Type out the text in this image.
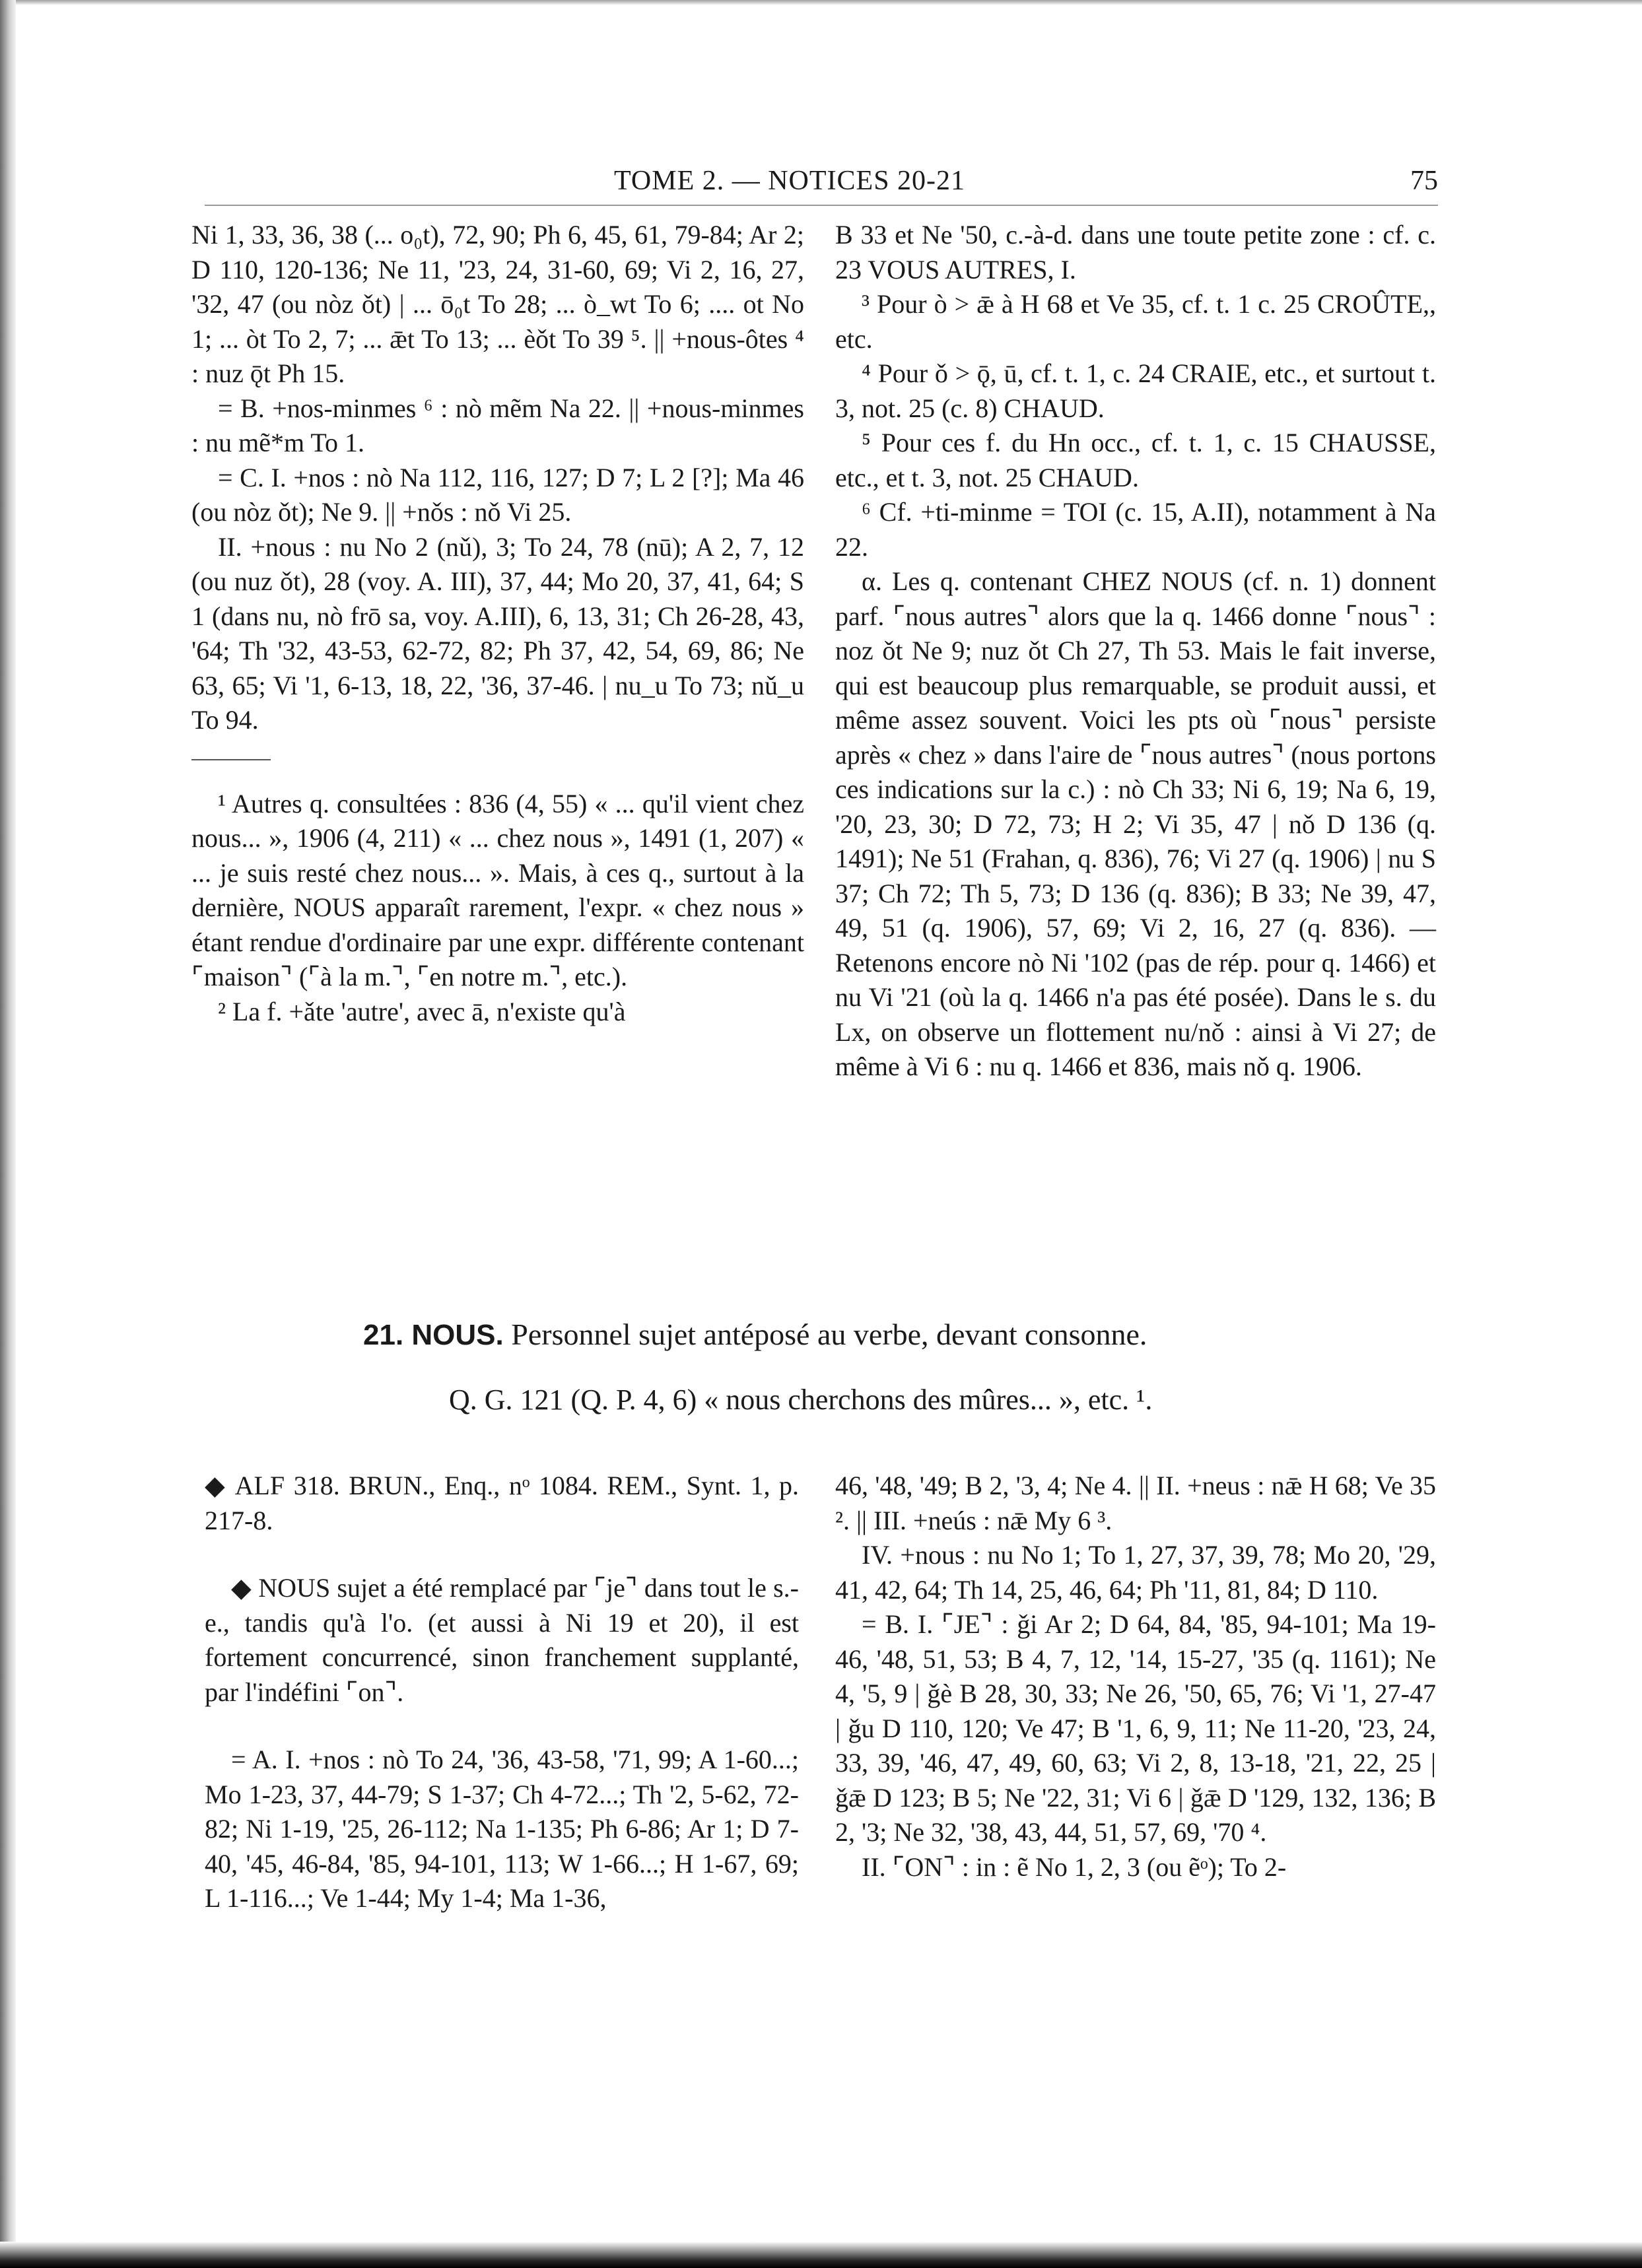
TOME 2. — NOTICES 20-21	75

Ni 1, 33, 36, 38 (... o₀t), 72, 90; Ph 6, 45, 61, 79-84; Ar 2; D 110, 120-136; Ne 11, '23, 24, 31-60, 69; Vi 2, 16, 27, '32, 47 (ou nòz ǒt) | ... ō₀t To 28; ... ò_wt To 6; .... ot No 1; ... òt To 2, 7; ... ǣt To 13; ... èǒt To 39 ⁵. || +nous-ôtes ⁴ : nuz ǭt Ph 15.

= B. +nos-minmes ⁶ : nò mẽm Na 22. || +nous-minmes : nu mẽ*m To 1.

= C. I. +nos : nò Na 112, 116, 127; D 7; L 2 [?]; Ma 46 (ou nòz ǒt); Ne 9. || +nǒs : nǒ Vi 25.

II. +nous : nu No 2 (nǔ), 3; To 24, 78 (nū); A 2, 7, 12 (ou nuz ǒt), 28 (voy. A. III), 37, 44; Mo 20, 37, 41, 64; S 1 (dans nu, nò frō sa, voy. A.III), 6, 13, 31; Ch 26-28, 43, '64; Th '32, 43-53, 62-72, 82; Ph 37, 42, 54, 69, 86; Ne 63, 65; Vi '1, 6-13, 18, 22, '36, 37-46. | nu_u To 73; nǔ_u To 94.

¹ Autres q. consultées : 836 (4, 55) « ... qu'il vient chez nous... », 1906 (4, 211) « ... chez nous », 1491 (1, 207) « ... je suis resté chez nous... ». Mais, à ces q., surtout à la dernière, NOUS apparaît rarement, l'expr. « chez nous » étant rendue d'ordinaire par une expr. différente contenant ⌜maison⌝ (⌜à la m.⌝, ⌜en notre m.⌝, etc.).

² La f. +ǎte 'autre', avec ā, n'existe qu'à

B 33 et Ne '50, c.-à-d. dans une toute petite zone : cf. c. 23 VOUS AUTRES, I.

³ Pour ò > ǣ à H 68 et Ve 35, cf. t. 1 c. 25 CROÛTE,, etc.

⁴ Pour ǒ > ǭ, ū, cf. t. 1, c. 24 CRAIE, etc., et surtout t. 3, not. 25 (c. 8) CHAUD.

⁵ Pour ces f. du Hn occ., cf. t. 1, c. 15 CHAUSSE, etc., et t. 3, not. 25 CHAUD.

⁶ Cf. +ti-minme = TOI (c. 15, A.II), notamment à Na 22.

α. Les q. contenant CHEZ NOUS (cf. n. 1) donnent parf. ⌜nous autres⌝ alors que la q. 1466 donne ⌜nous⌝ : noz ǒt Ne 9; nuz ǒt Ch 27, Th 53. Mais le fait inverse, qui est beaucoup plus remarquable, se produit aussi, et même assez souvent. Voici les pts où ⌜nous⌝ persiste après « chez » dans l'aire de ⌜nous autres⌝ (nous portons ces indications sur la c.) : nò Ch 33; Ni 6, 19; Na 6, 19, '20, 23, 30; D 72, 73; H 2; Vi 35, 47 | nǒ D 136 (q. 1491); Ne 51 (Frahan, q. 836), 76; Vi 27 (q. 1906) | nu S 37; Ch 72; Th 5, 73; D 136 (q. 836); B 33; Ne 39, 47, 49, 51 (q. 1906), 57, 69; Vi 2, 16, 27 (q. 836). — Retenons encore nò Ni '102 (pas de rép. pour q. 1466) et nu Vi '21 (où la q. 1466 n'a pas été posée). Dans le s. du Lx, on observe un flottement nu/nǒ : ainsi à Vi 27; de même à Vi 6 : nu q. 1466 et 836, mais nǒ q. 1906.

21. NOUS. Personnel sujet antéposé au verbe, devant consonne.
Q. G. 121 (Q. P. 4, 6) « nous cherchons des mûres... », etc. ¹.

◆ ALF 318. BRUN., Enq., nᵒ 1084. REM., Synt. 1, p. 217-8.

◆ NOUS sujet a été remplacé par ⌜je⌝ dans tout le s.-e., tandis qu'à l'o. (et aussi à Ni 19 et 20), il est fortement concurrencé, sinon franchement supplanté, par l'indéfini ⌜on⌝.

= A. I. +nos : nò To 24, '36, 43-58, '71, 99; A 1-60...; Mo 1-23, 37, 44-79; S 1-37; Ch 4-72...; Th '2, 5-62, 72-82; Ni 1-19, '25, 26-112; Na 1-135; Ph 6-86; Ar 1; D 7-40, '45, 46-84, '85, 94-101, 113; W 1-66...; H 1-67, 69; L 1-116...; Ve 1-44; My 1-4; Ma 1-36,

46, '48, '49; B 2, '3, 4; Ne 4. || II. +neus : nǣ H 68; Ve 35 ². || III. +neús : nǣ My 6 ³.

IV. +nous : nu No 1; To 1, 27, 37, 39, 78; Mo 20, '29, 41, 42, 64; Th 14, 25, 46, 64; Ph '11, 81, 84; D 110.

= B. I. ⌜JE⌝ : ǧi Ar 2; D 64, 84, '85, 94-101; Ma 19-46, '48, 51, 53; B 4, 7, 12, '14, 15-27, '35 (q. 1161); Ne 4, '5, 9 | ǧè B 28, 30, 33; Ne 26, '50, 65, 76; Vi '1, 27-47 | ǧu D 110, 120; Ve 47; B '1, 6, 9, 11; Ne 11-20, '23, 24, 33, 39, '46, 47, 49, 60, 63; Vi 2, 8, 13-18, '21, 22, 25 | ǧǣ D 123; B 5; Ne '22, 31; Vi 6 | ǧǣ D '129, 132, 136; B 2, '3; Ne 32, '38, 43, 44, 51, 57, 69, '70 ⁴.

II. ⌜ON⌝ : in : ẽ No 1, 2, 3 (ou ẽᵒ); To 2-
